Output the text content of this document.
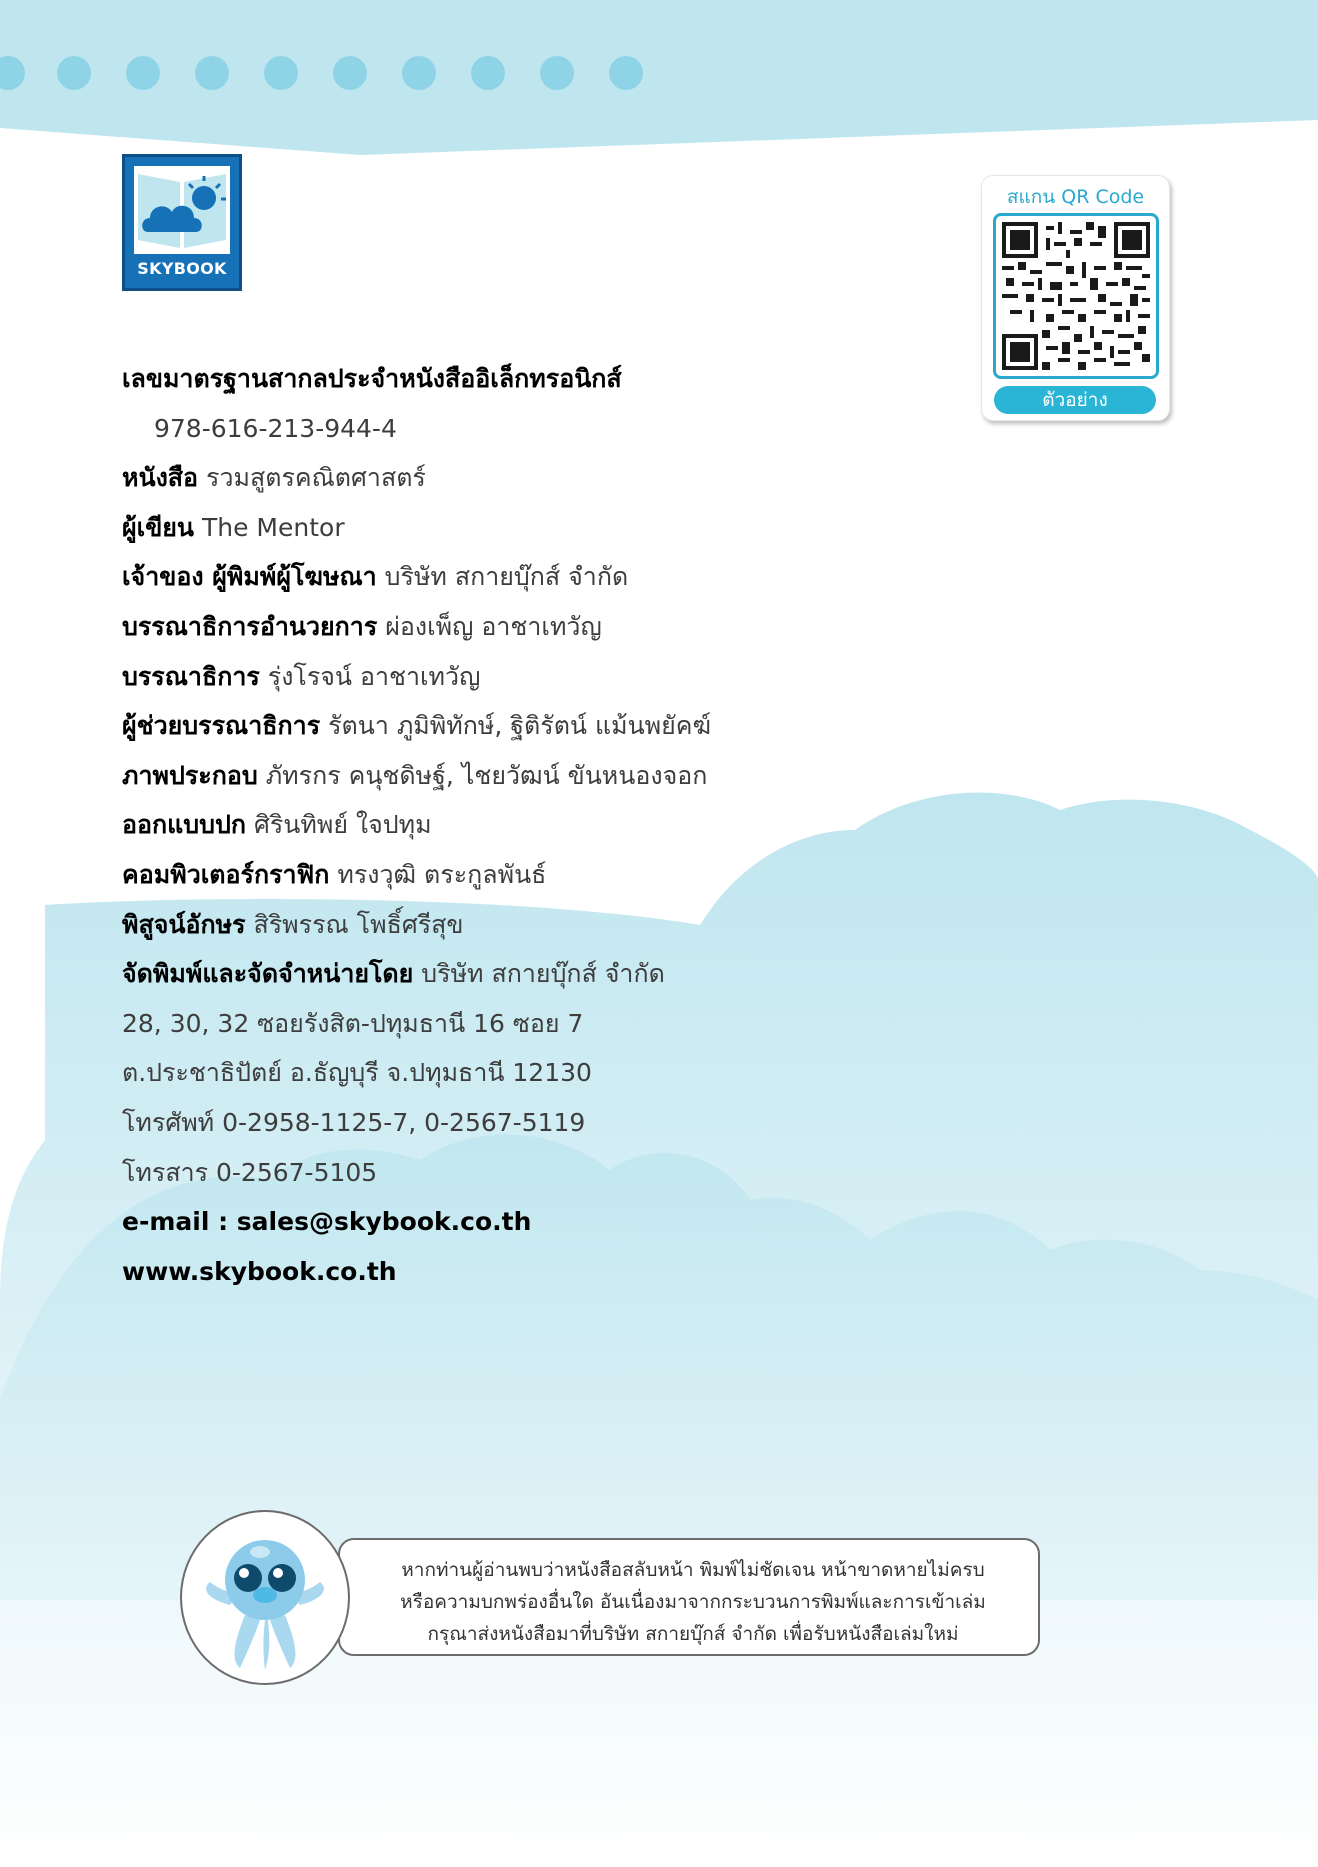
SKYBOOK
สแกน QR Code
ตัวอย่าง
เลขมาตรฐานสากลประจำหนังสืออิเล็กทรอนิกส์
978-616-213-944-4
หนังสือ รวมสูตรคณิตศาสตร์
ผู้เขียน The Mentor
เจ้าของ ผู้พิมพ์ผู้โฆษณา บริษัท สกายบุ๊กส์ จำกัด
บรรณาธิการอำนวยการ ผ่องเพ็ญ อาชาเทวัญ
บรรณาธิการ รุ่งโรจน์ อาชาเทวัญ
ผู้ช่วยบรรณาธิการ รัตนา ภูมิพิทักษ์, ฐิติรัตน์ แม้นพยัคฆ์
ภาพประกอบ ภัทรกร คนุชดิษฐ์, ไชยวัฒน์ ขันหนองจอก
ออกแบบปก ศิรินทิพย์ ใจปทุม
คอมพิวเตอร์กราฟิก ทรงวุฒิ ตระกูลพันธ์
พิสูจน์อักษร สิริพรรณ โพธิ์ศรีสุข
จัดพิมพ์และจัดจำหน่ายโดย บริษัท สกายบุ๊กส์ จำกัด
28, 30, 32 ซอยรังสิต-ปทุมธานี 16 ซอย 7
ต.ประชาธิปัตย์ อ.ธัญบุรี จ.ปทุมธานี 12130
โทรศัพท์ 0-2958-1125-7, 0-2567-5119
โทรสาร 0-2567-5105
e-mail : sales@skybook.co.th
www.skybook.co.th
หากท่านผู้อ่านพบว่าหนังสือสลับหน้า พิมพ์ไม่ชัดเจน หน้าขาดหายไม่ครบ
หรือความบกพร่องอื่นใด อันเนื่องมาจากกระบวนการพิมพ์และการเข้าเล่ม
กรุณาส่งหนังสือมาที่บริษัท สกายบุ๊กส์ จำกัด เพื่อรับหนังสือเล่มใหม่
